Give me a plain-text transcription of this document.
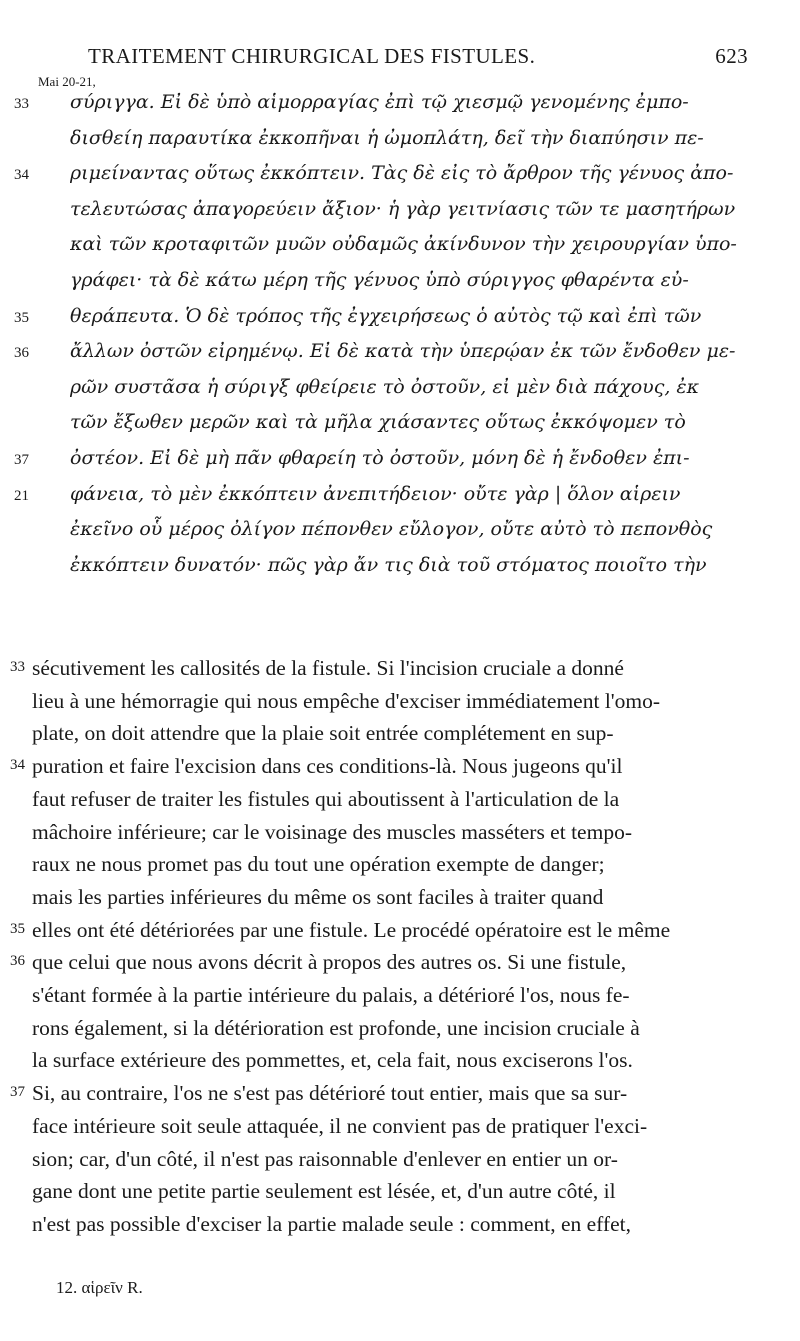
TRAITEMENT CHIRURGICAL DES FISTULES.	623
Mai 20-21,
σύριγγα. Εἰ δὲ ὑπὸ αἱμορραγίας ἐπὶ τῷ χιεσμῷ γενομένης ἐμπο-
33
δισθείη παραυτίκα ἐκκοπῆναι ἡ ὠμοπλάτη, δεῖ τὴν διαπύησιν πε-
ριμείναντας οὕτως ἐκκόπτειν. Τὰς δὲ εἰς τὸ ἄρθρον τῆς γένυος ἀπο-
34
τελευτώσας ἀπαγορεύειν ἄξιον· ἡ γὰρ γειτνίασις τῶν τε μασητήρων
καὶ τῶν κροταφιτῶν μυῶν οὐδαμῶς ἀκίνδυνον τὴν χειρουργίαν ὑπο-
γράφει· τὰ δὲ κάτω μέρη τῆς γένυος ὑπὸ σύριγγος φθαρέντα εὐ-
θεράπευτα. Ὁ δὲ τρόπος τῆς ἐγχειρήσεως ὁ αὐτὸς τῷ καὶ ἐπὶ τῶν
35
ἄλλων ὀστῶν εἰρημένῳ. Εἰ δὲ κατὰ τὴν ὑπερῴαν ἐκ τῶν ἔνδοθεν με-
36
ρῶν συστᾶσα ἡ σύριγξ φθείρειε τὸ ὀστοῦν, εἰ μὲν διὰ πάχους, ἐκ
τῶν ἔξωθεν μερῶν καὶ τὰ μῆλα χιάσαντες οὕτως ἐκκόψομεν τὸ
ὀστέον. Εἰ δὲ μὴ πᾶν φθαρείη τὸ ὀστοῦν, μόνη δὲ ἡ ἔνδοθεν ἐπι-
37
φάνεια, τὸ μὲν ἐκκόπτειν ἀνεπιτήδειον· οὔτε γὰρ | ὅλον αἱρειν
21
ἐκεῖνο οὗ μέρος ὀλίγον πέπονθεν εὔλογον, οὔτε αὐτὸ τὸ πεπονθὸς
ἐκκόπτειν δυνατόν· πῶς γὰρ ἄν τις διὰ τοῦ στόματος ποιοῖτο τὴν
sécutivement les callosités de la fistule. Si l'incision cruciale a donné
33
lieu à une hémorragie qui nous empêche d'exciser immédiatement l'omo-
plate, on doit attendre que la plaie soit entrée complétement en sup-
puration et faire l'excision dans ces conditions-là. Nous jugeons qu'il
34
faut refuser de traiter les fistules qui aboutissent à l'articulation de la
mâchoire inférieure; car le voisinage des muscles masséters et tempo-
raux ne nous promet pas du tout une opération exempte de danger;
mais les parties inférieures du même os sont faciles à traiter quand
elles ont été détériorées par une fistule. Le procédé opératoire est le même
35
que celui que nous avons décrit à propos des autres os. Si une fistule,
36
s'étant formée à la partie intérieure du palais, a détérioré l'os, nous fe-
rons également, si la détérioration est profonde, une incision cruciale à
la surface extérieure des pommettes, et, cela fait, nous exciserons l'os.
Si, au contraire, l'os ne s'est pas détérioré tout entier, mais que sa sur-
37
face intérieure soit seule attaquée, il ne convient pas de pratiquer l'exci-
sion; car, d'un côté, il n'est pas raisonnable d'enlever en entier un or-
gane dont une petite partie seulement est lésée, et, d'un autre côté, il
n'est pas possible d'exciser la partie malade seule : comment, en effet,
12. αἱρεῖν R.
